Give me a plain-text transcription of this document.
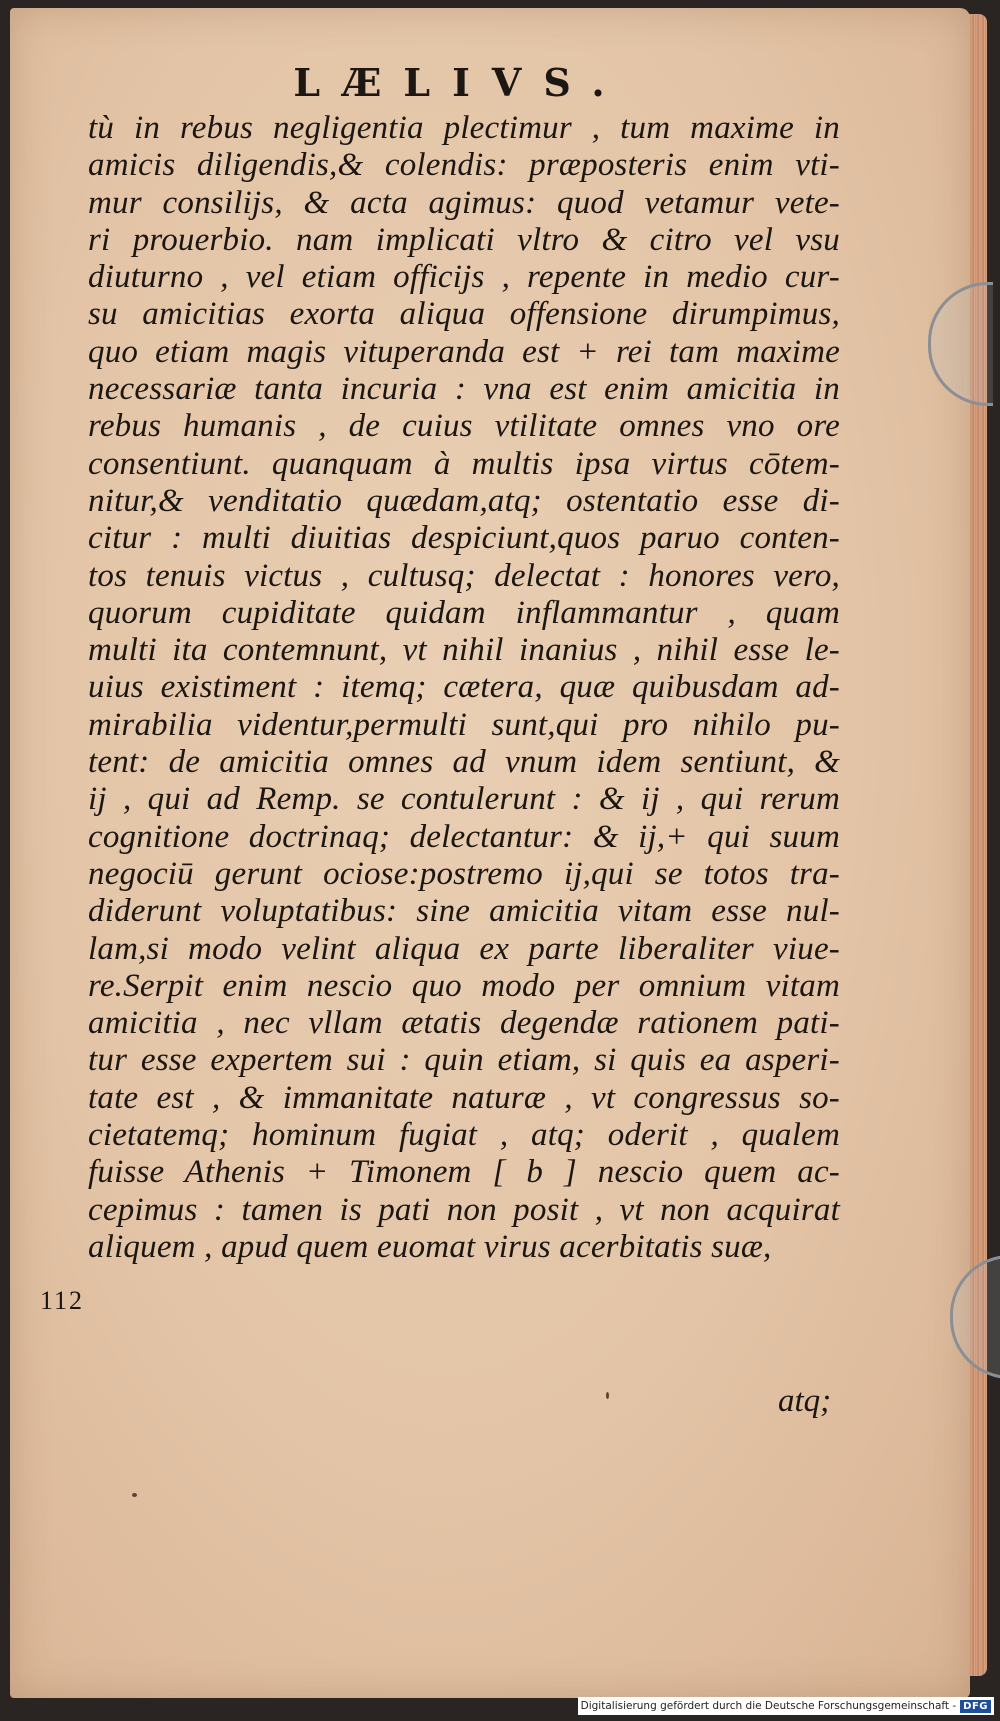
LÆLIVS.
tù in rebus negligentia plectimur , tum maxime in
amicis diligendis,& colendis: præposteris enim vti-
mur consilijs, & acta agimus: quod vetamur vete-
ri prouerbio. nam implicati vltro & citro vel vsu
diuturno , vel etiam officijs , repente in medio cur-
su amicitias exorta aliqua offensione dirumpimus,
quo etiam magis vituperanda est + rei tam maxime
necessariæ tanta incuria : vna est enim amicitia in
rebus humanis , de cuius vtilitate omnes vno ore
consentiunt. quanquam à multis ipsa virtus cōtem-
nitur,& venditatio quædam,atq; ostentatio esse di-
citur : multi diuitias despiciunt,quos paruo conten-
tos tenuis victus , cultusq; delectat : honores vero,
quorum cupiditate quidam inflammantur , quam
multi ita contemnunt, vt nihil inanius , nihil esse le-
uius existiment : itemq; cætera, quæ quibusdam ad-
mirabilia videntur,permulti sunt,qui pro nihilo pu-
tent: de amicitia omnes ad vnum idem sentiunt, &
ij , qui ad Remp. se contulerunt : & ij , qui rerum
cognitione doctrinaq; delectantur: & ij,+ qui suum
negociū gerunt ociose:postremo ij,qui se totos tra-
diderunt voluptatibus: sine amicitia vitam esse nul-
lam,si modo velint aliqua ex parte liberaliter viue-
re.Serpit enim nescio quo modo per omnium vitam
amicitia , nec vllam ætatis degendæ rationem pati-
tur esse expertem sui : quin etiam, si quis ea asperi-
tate est , & immanitate naturæ , vt congressus so-
cietatemq; hominum fugiat , atq; oderit , qualem
fuisse Athenis + Timonem [ b ] nescio quem ac-
cepimus : tamen is pati non posit , vt non acquirat
aliquem , apud quem euomat virus acerbitatis suæ,
112
atq;
Digitalisierung gefördert durch die Deutsche Forschungsgemeinschaft - DFG
